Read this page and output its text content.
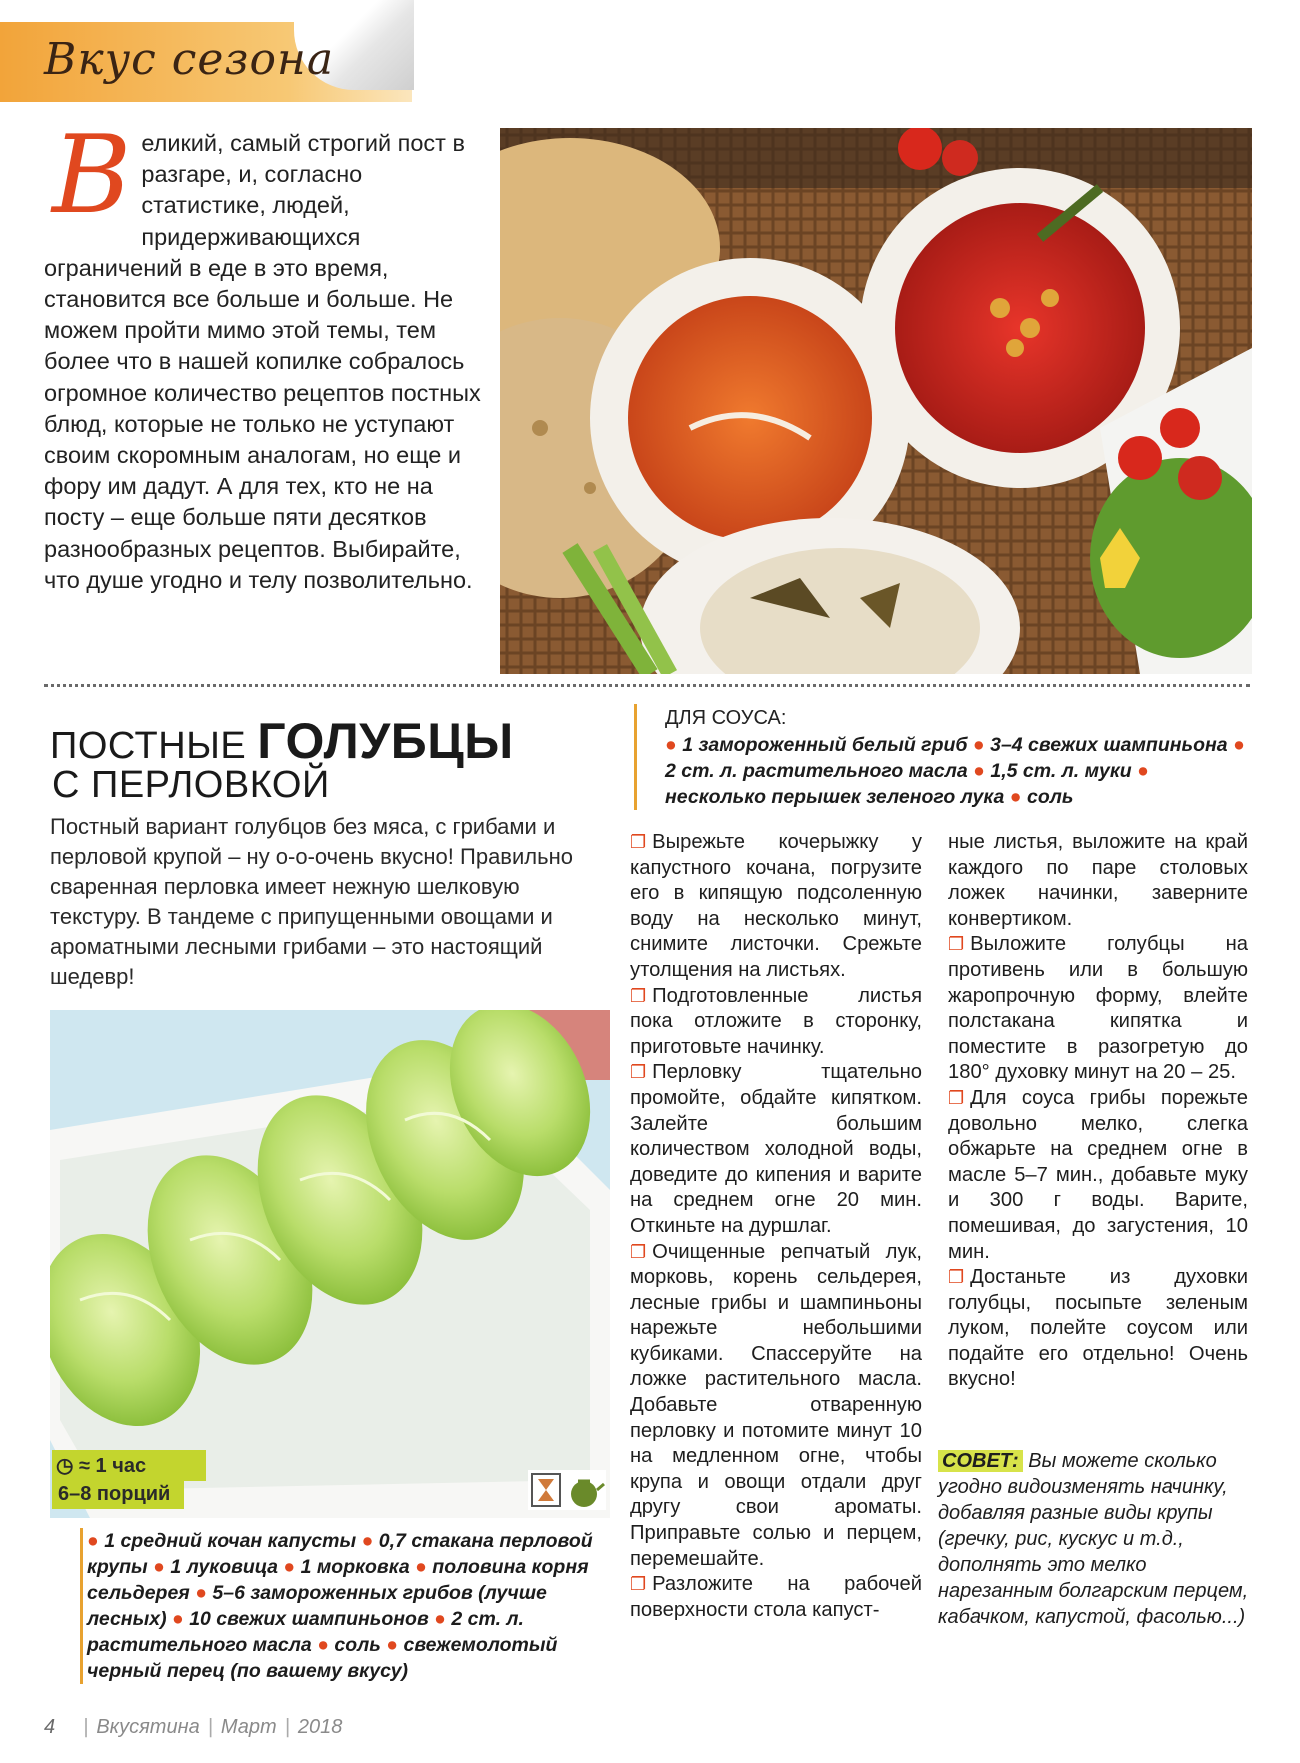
Вкус сезона
В еликий, самый строгий пост в разгаре, и, согласно статистике, людей, придерживающихся ограничений в еде в это время, становится все больше и больше. Не можем пройти мимо этой темы, тем более что в нашей копилке собралось огромное количество рецептов постных блюд, которые не только не уступают своим скоромным аналогам, но еще и фору им дадут. А для тех, кто не на посту – еще больше пяти десятков разнообразных рецептов. Выбирайте, что душе угодно и телу позволительно.
ПОСТНЫЕ ГОЛУБЦЫ
С ПЕРЛОВКОЙ
Постный вариант голубцов без мяса, с грибами и перловой крупой – ну о-о-очень вкусно! Правильно сваренная перловка имеет нежную шелковую текстуру. В тандеме с припущенными овощами и ароматными лесными грибами – это настоящий шедевр!
◷ ≈ 1 час
6–8 порций
● 1 средний кочан капусты ● 0,7 стакана перловой крупы ● 1 луковица ● 1 морковка ● половина корня сельдерея ● 5–6 замороженных грибов (лучше лесных) ● 10 свежих шампиньонов ● 2 ст. л. растительного масла ● соль ● свежемолотый черный перец (по вашему вкусу)
ДЛЯ СОУСА:
● 1 замороженный белый гриб ● 3–4 свежих шампиньона ● 2 ст. л. растительного масла ● 1,5 ст. л. муки ● несколько перышек зеленого лука ● соль

❐ Вырежьте кочерыжку у капустного кочана, погрузите его в кипящую подсоленную воду на несколько минут, снимите листочки. Срежьте утолщения на листьях.

❐ Подготовленные листья пока отложите в сторонку, приготовьте начинку.

❐ Перловку тщательно промойте, обдайте кипятком. Залейте большим количеством холодной воды, доведите до кипения и варите на среднем огне 20 мин. Откиньте на дуршлаг.

❐ Очищенные репчатый лук, морковь, корень сельдерея, лесные грибы и шампиньоны нарежьте небольшими кубиками. Спассеруйте на ложке растительного масла. Добавьте отваренную перловку и потомите минут 10 на медленном огне, чтобы крупа и овощи отдали друг другу свои ароматы. Приправьте солью и перцем, перемешайте.

❐ Разложите на рабочей поверхности стола капуст-

ные листья, выложите на край каждого по паре столовых ложек начинки, заверните конвертиком.

❐ Выложите голубцы на противень или в большую жаропрочную форму, влейте полстакана кипятка и поместите в разогретую до 180° духовку минут на 20 – 25.

❐ Для соуса грибы порежьте довольно мелко, слегка обжарьте на среднем огне в масле 5–7 мин., добавьте муку и 300 г воды. Варите, помешивая, до загустения, 10 мин.

❐ Достаньте из духовки голубцы, посыпьте зеленым луком, полейте соусом или подайте его отдельно! Очень вкусно!

СОВЕТ: Вы можете сколько угодно видоизменять начинку, добавляя разные виды крупы (гречку, рис, кускус и т.д., дополнять это мелко нарезанным болгарским перцем, кабачком, капустой, фасолью...)
4 | Вкусятина | Март | 2018
